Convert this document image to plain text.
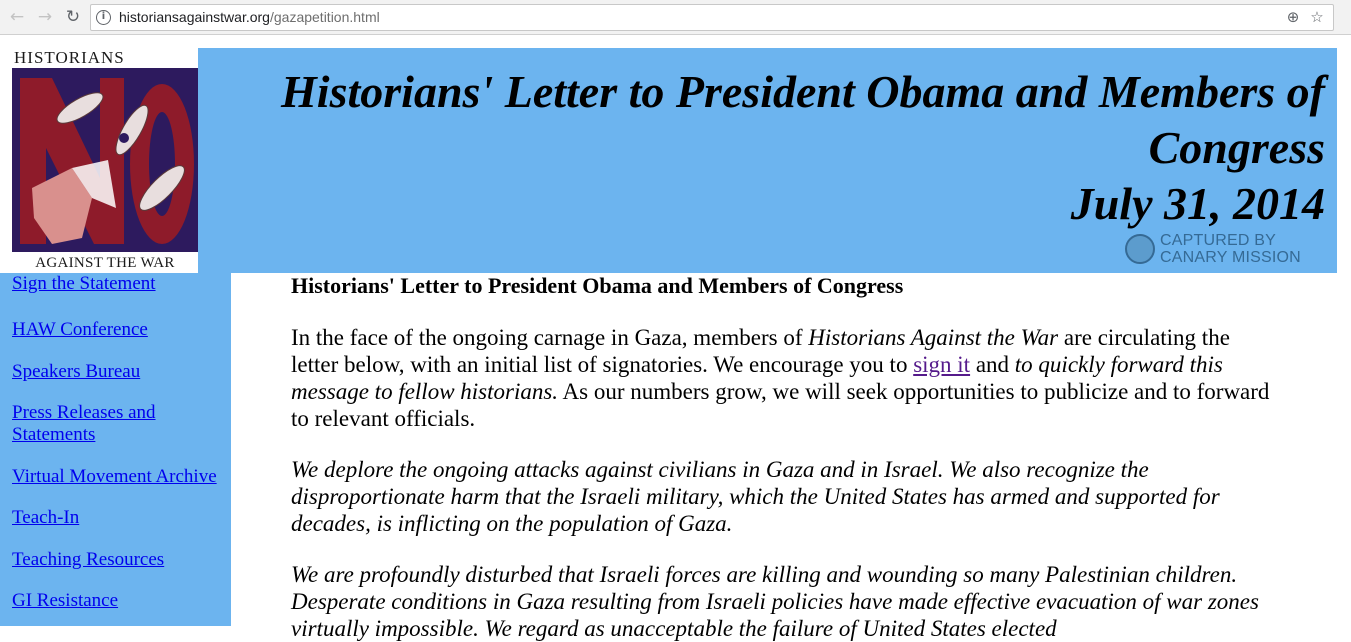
← → ↻	i historiansagainstwar.org/gazapetition.html	⊕ ☆
HISTORIANS
AGAINST THE WAR
Historians' Letter to President Obama and Members of
Congress
July 31, 2014
CAPTURED BY
CANARY MISSION
Sign the Statement
HAW Conference
Speakers Bureau
Press Releases and
Statements
Virtual Movement Archive
Teach-In
Teaching Resources
GI Resistance
Historians' Letter to President Obama and Members of Congress

In the face of the ongoing carnage in Gaza, members of Historians Against the War are circulating the letter below, with an initial list of signatories. We encourage you to sign it and to quickly forward this message to fellow historians. As our numbers grow, we will seek opportunities to publicize and to forward to relevant officials.

We deplore the ongoing attacks against civilians in Gaza and in Israel. We also recognize the disproportionate harm that the Israeli military, which the United States has armed and supported for decades, is inflicting on the population of Gaza.

We are profoundly disturbed that Israeli forces are killing and wounding so many Palestinian children. Desperate conditions in Gaza resulting from Israeli policies have made effective evacuation of war zones virtually impossible. We regard as unacceptable the failure of United States elected
